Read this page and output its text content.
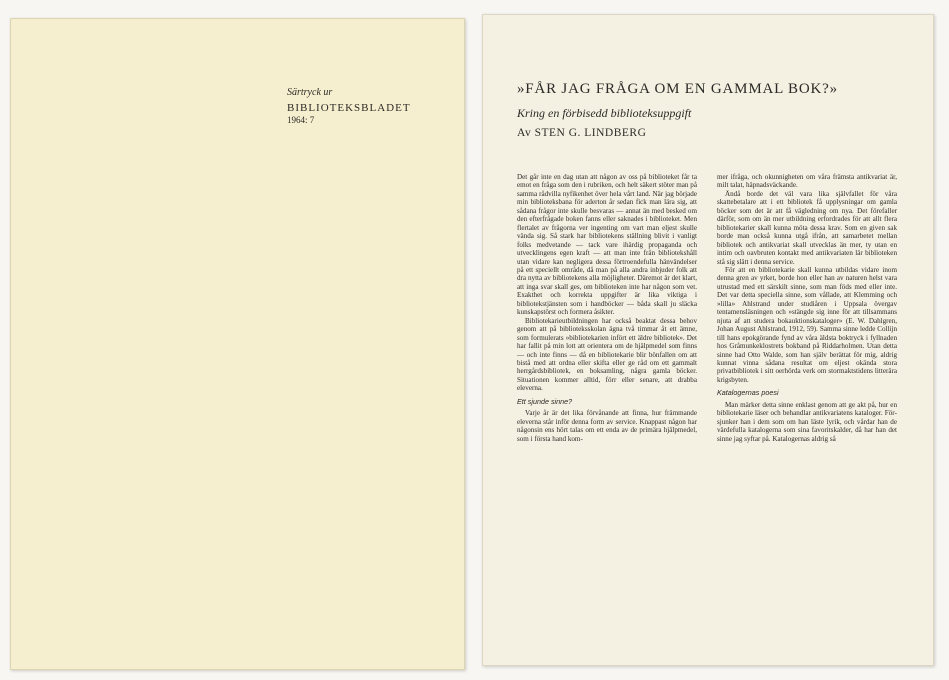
Särtryck ur
BIBLIOTEKSBLADET
1964: 7
»FÅR JAG FRÅGA OM EN GAMMAL BOK?»
Kring en förbisedd biblioteksuppgift
Av STEN G. LINDBERG

Det går inte en dag utan att någon av oss på biblioteket får ta emot en fråga som den i rubriken, och helt säkert stöter man på samma rådvilla nyfikenhet över hela vårt land. När jag började min biblioteksbana för aderton år sedan fick man lära sig, att sådana frågor inte skulle besvaras — annat än med besked om den efterfrågade boken fanns eller saknades i biblioteket. Men flertalet av frågorna ver ingenting om vart man eljest skulle vända sig. Så stark har bibliotekens ställning blivit i vanligt folks medvetande — tack vare ihärdig propaganda och utvecklingens egen kraft — att man inte från bibliotekshåll utan vidare kan negligera dessa förtroendefulla hänvändelser på ett speciellt område, då man på alla andra inbjuder folk att dra nytta av bibliotekens alla möjligheter. Däremot är det klart, att inga svar skall ges, om biblioteken inte har någon som vet. Exakthet och korrekta uppgifter är lika viktiga i bibliotekstjänsten som i handböcker — båda skall ju släcka kunskapstörst och formera åsikter.

Bibliotekarieutbildningen har också beaktat dessa behov genom att på biblioteksskolan ägna två timmar åt ett ämne, som formulerats »bibliotekarien infört ett äldre bibliotek». Det har fallit på min lott att orientera om de hjälpmedel som finns — och inte finns — då en bibliotekarie blir bönfallen om att bistå med att ordna eller skifta eller ge råd om ett gammalt herrgårdsbibliotek, en boksamling, några gamla böcker. Situationen kommer alltid, förr eller senare, att drabba eleverna.

Ett sjunde sinne?

Varje år är det lika förvånande att finna, hur främmande eleverna står inför denna form av service. Knappast någon har någonsin ens hört talas om ett enda av de primära hjälpmedel, som i första hand kom-

mer ifråga, och okunnigheten om våra främsta antikvariat är, milt talat, häpnadsväckande.

Ändå borde det väl vara lika självfallet för våra skattebetalare att i ett bibliotek få upplysningar om gamla böcker som det är att få vägledning om nya. Det förefaller därför, som om än mer utbildning erfordrades för att allt flera bibliotekarier skall kunna möta dessa krav. Som en given sak borde man också kunna utgå ifrån, att samarbetet mellan bibliotek och antikvariat skall utvecklas än mer, ty utan en intim och oavbruten kontakt med antikvariaten lär biblioteken stå sig slätt i denna service.

För att en bibliotekarie skall kunna utbildas vidare inom denna gren av yrket, borde hon eller han av naturen helst vara utrustad med ett särskilt sinne, som man föds med eller inte. Det var detta speciella sinne, som vållade, att Klemming och »lilla» Ahlstrand under studiåren i Uppsala övergav tentamensläsningen och »stängde sig inne för att tillsammans njuta af att studera bokauktionskataloger» (E. W. Dahlgren, Johan August Ahlstrand, 1912, 59). Samma sinne ledde Collijn till hans epokgörande fynd av våra äldsta boktryck i fyllnaden hos Gråmunkeklostrets bokband på Riddarholmen. Utan detta sinne had Otto Walde, som han själv berättat för mig, aldrig kunnat vinna sådana resultat om eljest okända stora privatbibliotek i sitt oerhörda verk om stormaktstidens litterära krigsbyten.

Katalogernas poesi

Man märker detta sinne enklast genom att ge akt på, hur en bibliotekarie läser och behandlar antikvariatens kataloger. Försjunker han i dem som om han läste lyrik, och vårdar han de värdefulla katalogerna som sina favoritskalder, då har han det sinne jag syftar på. Katalogernas aldrig så
